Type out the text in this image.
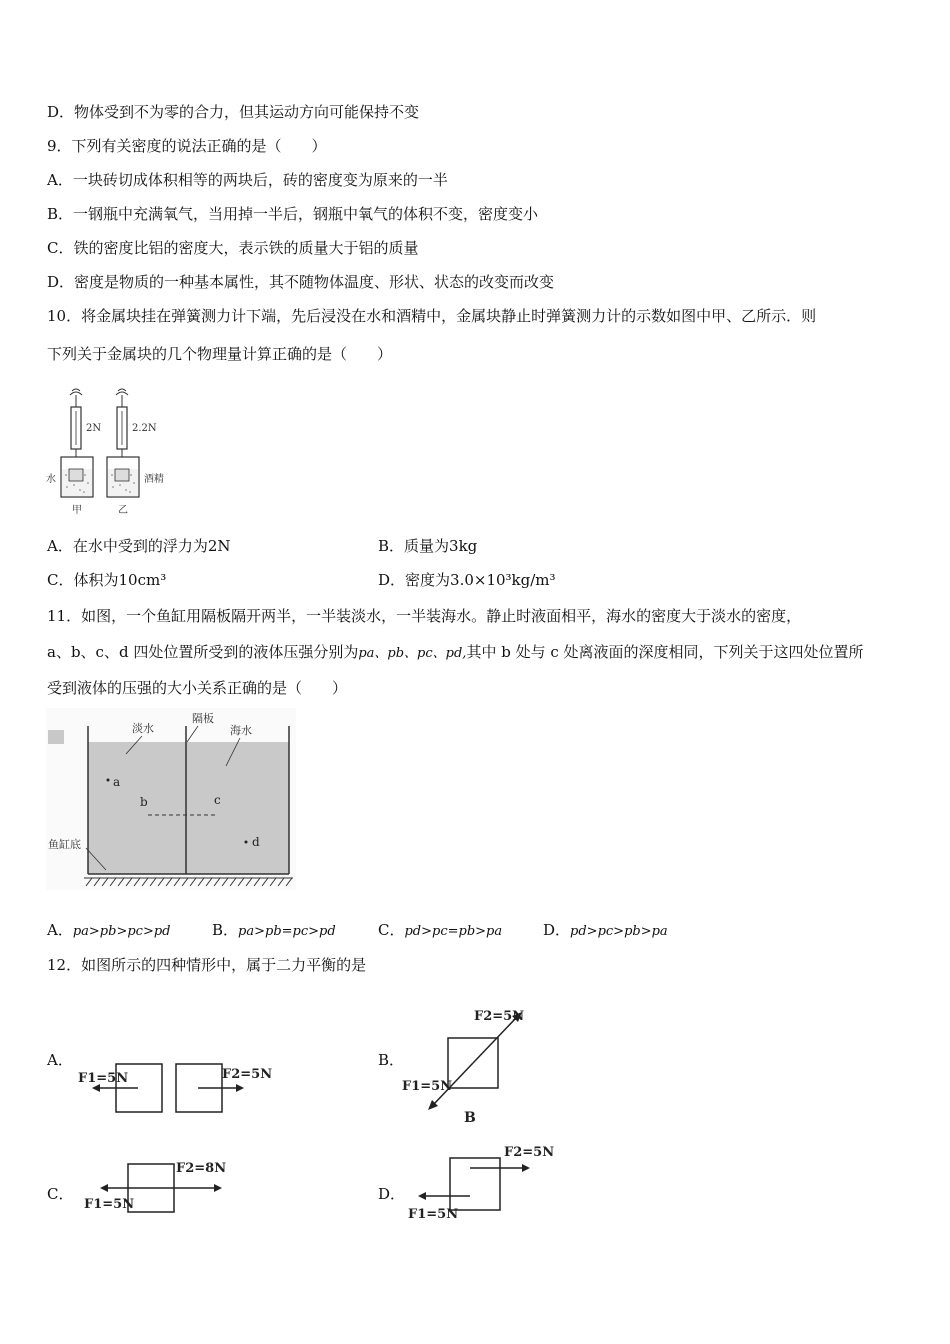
D．物体受到不为零的合力，但其运动方向可能保持不变
9．下列有关密度的说法正确的是（　　）
A．一块砖切成体积相等的两块后，砖的密度变为原来的一半
B．一钢瓶中充满氧气，当用掉一半后，钢瓶中氧气的体积不变，密度变小
C．铁的密度比铝的密度大，表示铁的质量大于铝的质量
D．密度是物质的一种基本属性，其不随物体温度、形状、状态的改变而改变
10．将金属块挂在弹簧测力计下端，先后浸没在水和酒精中，金属块静止时弹簧测力计的示数如图中甲、乙所示．则
下列关于金属块的几个物理量计算正确的是（　　）
2N
水
甲
2.2N
酒精
乙
A．在水中受到的浮力为2N	B．质量为3kg
C．体积为10cm³	D．密度为3.0×10³kg/m³
11．如图，一个鱼缸用隔板隔开两半，一半装淡水，一半装海水。静止时液面相平，海水的密度大于淡水的密度，
a、b、c、d 四处位置所受到的液体压强分别为pa、pb、pc、pd,其中 b 处与 c 处离液面的深度相同，下列关于这四处位置所
受到液体的压强的大小关系正确的是（　　）
淡水
隔板
海水
鱼缸底
a
b	c
d
A．pa>pb>pc>pd	B．pa>pb=pc>pd	C．pd>pc=pb>pa	D．pd>pc>pb>pa
12．如图所示的四种情形中，属于二力平衡的是
A．	B．
C．	D．
F1=5N	F2=5N
F2=5N
F1=5N
B
F2=8N
F1=5N
F2=5N
F1=5N
